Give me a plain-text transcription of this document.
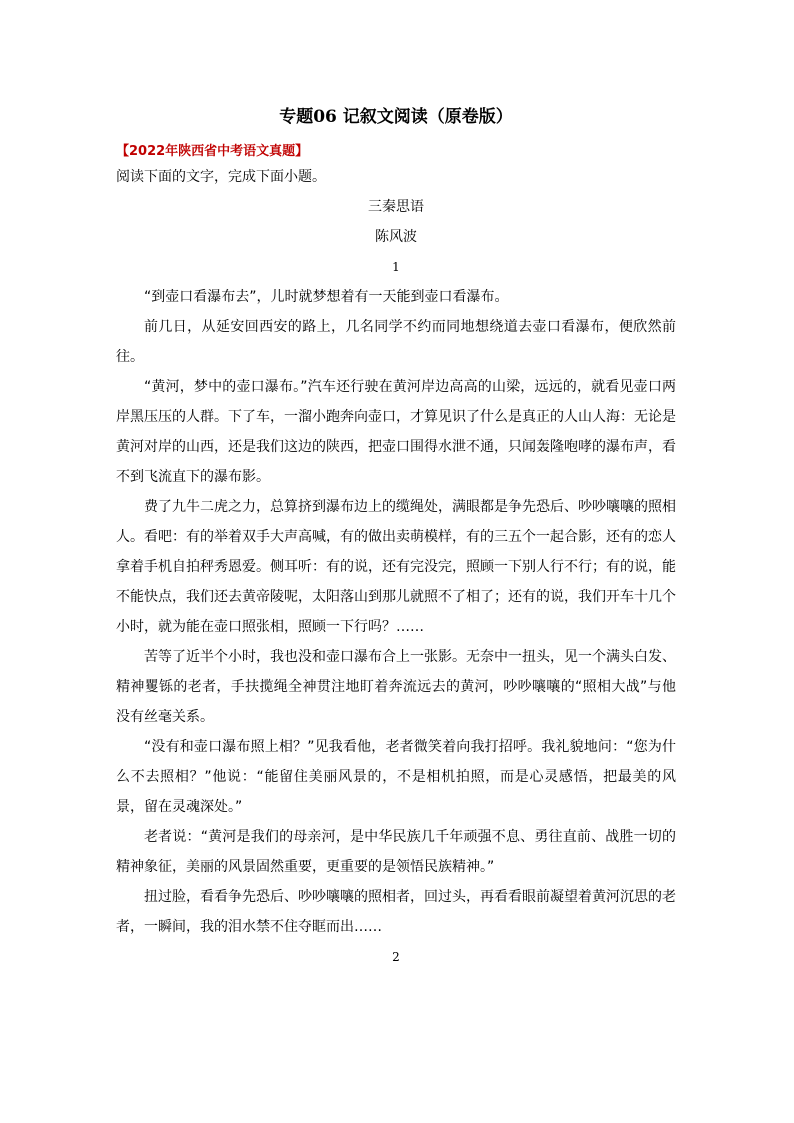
专题06 记叙文阅读（原卷版）
【2022年陕西省中考语文真题】

阅读下面的文字，完成下面小题。

三秦思语

陈风波

1

“到壶口看瀑布去”，儿时就梦想着有一天能到壶口看瀑布。

前几日，从延安回西安的路上，几名同学不约而同地想绕道去壶口看瀑布，便欣然前往。

“黄河，梦中的壶口瀑布。”汽车还行驶在黄河岸边高高的山梁，远远的，就看见壶口两岸黑压压的人群。下了车，一溜小跑奔向壶口，才算见识了什么是真正的人山人海：无论是黄河对岸的山西，还是我们这边的陕西，把壶口围得水泄不通，只闻轰隆咆哮的瀑布声，看不到飞流直下的瀑布影。

费了九牛二虎之力，总算挤到瀑布边上的缆绳处，满眼都是争先恐后、吵吵嚷嚷的照相人。看吧：有的举着双手大声高喊，有的做出卖萌模样，有的三五个一起合影，还有的恋人拿着手机自拍秤秀恩爱。侧耳听：有的说，还有完没完，照顾一下别人行不行；有的说，能不能快点，我们还去黄帝陵呢，太阳落山到那儿就照不了相了；还有的说，我们开车十几个小时，就为能在壶口照张相，照顾一下行吗？……

苦等了近半个小时，我也没和壶口瀑布合上一张影。无奈中一扭头，见一个满头白发、精神矍铄的老者，手扶揽绳全神贯注地盯着奔流远去的黄河，吵吵嚷嚷的“照相大战”与他没有丝毫关系。

“没有和壶口瀑布照上相？”见我看他，老者微笑着向我打招呼。我礼貌地问：“您为什么不去照相？”他说：“能留住美丽风景的，不是相机拍照，而是心灵感悟，把最美的风景，留在灵魂深处。”

老者说：“黄河是我们的母亲河，是中华民族几千年顽强不息、勇往直前、战胜一切的精神象征，美丽的风景固然重要，更重要的是领悟民族精神。”

扭过脸，看看争先恐后、吵吵嚷嚷的照相者，回过头，再看看眼前凝望着黄河沉思的老者，一瞬间，我的泪水禁不住夺眶而出……

2
